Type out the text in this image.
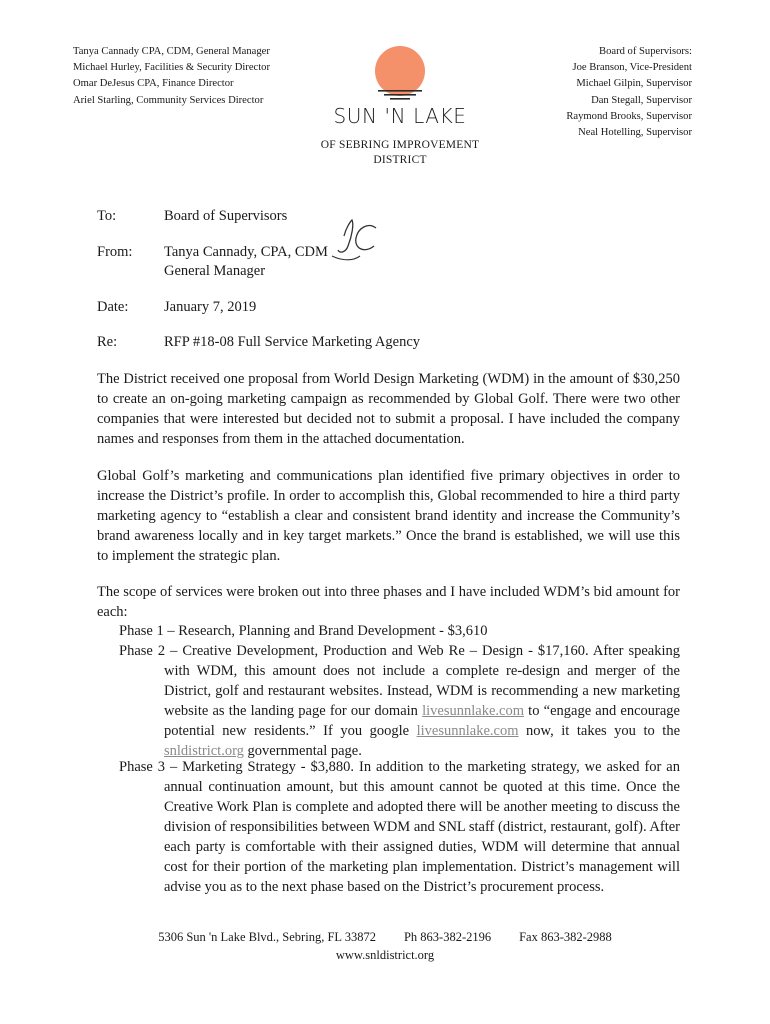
Tanya Cannady CPA, CDM, General Manager
Michael Hurley, Facilities & Security Director
Omar DeJesus CPA, Finance Director
Ariel Starling, Community Services Director
SUN 'N LAKE
OF SEBRING IMPROVEMENT
DISTRICT
Board of Supervisors:
Joe Branson, Vice-President
Michael Gilpin, Supervisor
Dan Stegall, Supervisor
Raymond Brooks, Supervisor
Neal Hotelling, Supervisor
To:	Board of Supervisors
From: Tanya Cannady, CPA, CDM
General Manager
Date: January 7, 2019
Re:	RFP #18-08 Full Service Marketing Agency

The District received one proposal from World Design Marketing (WDM) in the amount of $30,250 to create an on-going marketing campaign as recommended by Global Golf. There were two other companies that were interested but decided not to submit a proposal. I have included the company names and responses from them in the attached documentation.

Global Golf’s marketing and communications plan identified five primary objectives in order to increase the District’s profile. In order to accomplish this, Global recommended to hire a third party marketing agency to “establish a clear and consistent brand identity and increase the Community’s brand awareness locally and in key target markets.” Once the brand is established, we will use this to implement the strategic plan.

The scope of services were broken out into three phases and I have included WDM’s bid amount for each:

Phase 1 – Research, Planning and Brand Development - $3,610
Phase 2 – Creative Development, Production and Web Re – Design - $17,160. After speaking with WDM, this amount does not include a complete re-design and merger of the District, golf and restaurant websites. Instead, WDM is recommending a new marketing website as the landing page for our domain livesunnlake.com to “engage and encourage potential new residents.” If you google livesunnlake.com now, it takes you to the snldistrict.org governmental page.
Phase 3 – Marketing Strategy - $3,880. In addition to the marketing strategy, we asked for an annual continuation amount, but this amount cannot be quoted at this time. Once the Creative Work Plan is complete and adopted there will be another meeting to discuss the division of responsibilities between WDM and SNL staff (district, restaurant, golf). After each party is comfortable with their assigned duties, WDM will determine that annual cost for their portion of the marketing plan implementation. District’s management will advise you as to the next phase based on the District’s procurement process.
5306 Sun 'n Lake Blvd., Sebring, FL 33872 Ph 863-382-2196 Fax 863-382-2988
www.snldistrict.org
